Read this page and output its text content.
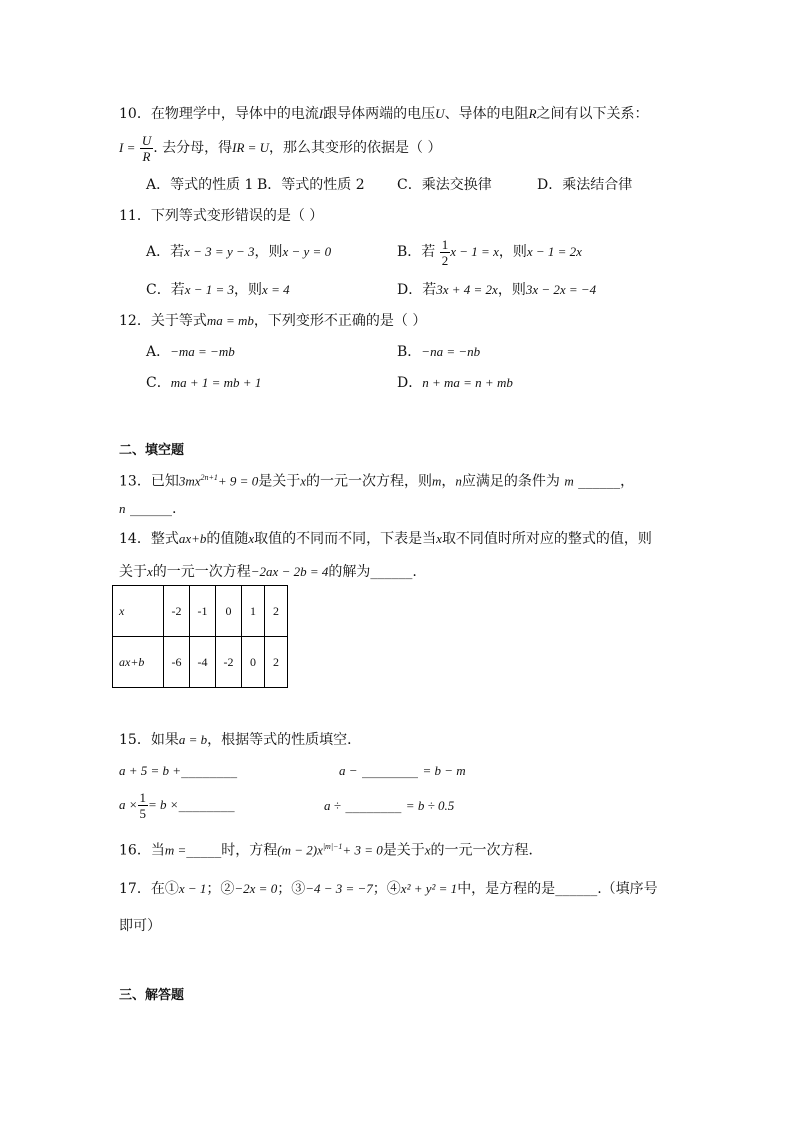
10．在物理学中，导体中的电流I跟导体两端的电压U、导体的电阻R之间有以下关系：
$I = \frac{U}{R}$ . 去分母，得IR = U，那么其变形的依据是（ ）
A．等式的性质 1 B．等式的性质 2 C．乘法交换律	D．乘法结合律
11．下列等式变形错误的是（ ）
A．若x − 3 = y − 3，则x − y = 0	B．若 $\frac{1}{2}$ x − 1 = x，则x − 1 = 2x
C．若x − 1 = 3，则x = 4	D．若3x + 4 = 2x，则3x − 2x = −4
12．关于等式ma = mb，下列变形不正确的是（ ）
A．−ma = −mb	B．−na = −nb
C．ma + 1 = mb + 1	D．n + ma = n + mb
二、填空题
13．已知$3mx^{2n+1}+ 9 = 0$是关于x的一元一次方程，则m，n应满足的条件为 m ______，
n ______.
14．整式ax+b的值随x取值的不同而不同，下表是当x取不同值时所对应的整式的值，则
关于x的一元一次方程−2ax − 2b = 4的解为______.
x	-2	-1	0	1	2
ax+b	-6	-4	-2	0	2
15．如果a = b，根据等式的性质填空．
a + 5 = b +________	a − ________ = b − m
$a \times \frac{1}{5} = b$ ×________	a ÷ ________ = b ÷ 0.5
16．当m =_____时，方程$(m - 2)x^{|m|-1}+ 3 = 0$是关于x的一元一次方程．
17．在①x − 1；②−2x = 0；③−4 − 3 = −7；④x² + y² = 1中，是方程的是______.（填序号
即可）
三、解答题
